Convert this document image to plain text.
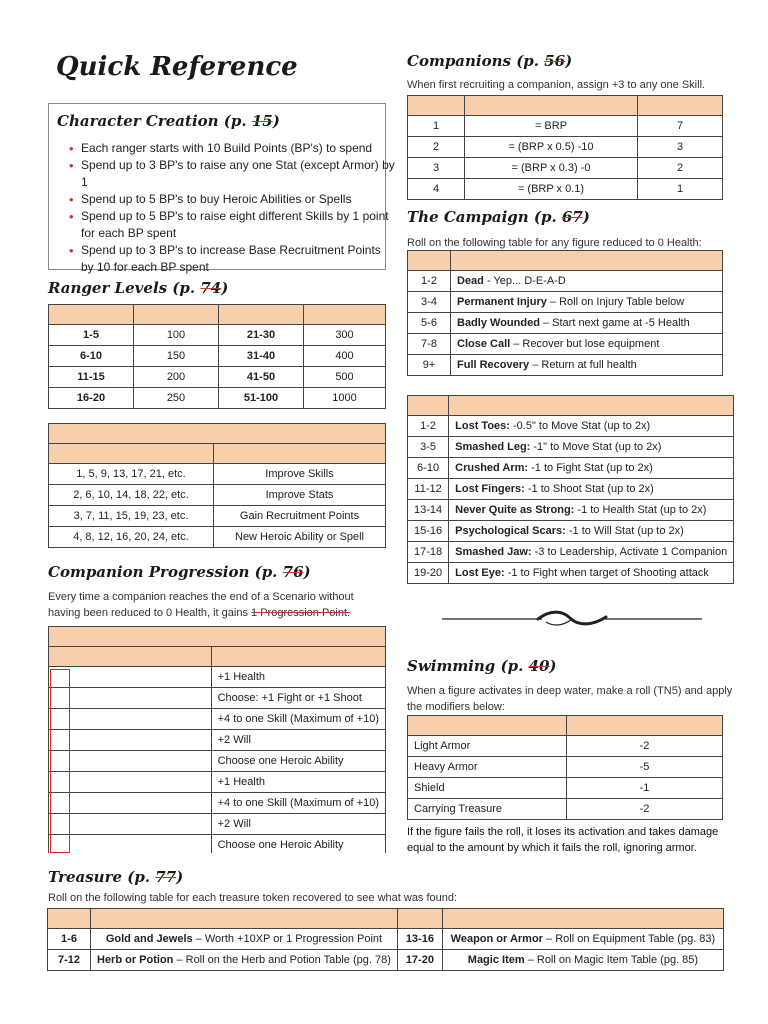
Quick Reference
Character Creation (p. 15)
• Each ranger starts with 10 Build Points (BP's) to spend
• Spend up to 3 BP's to raise any one Stat (except Armor) by 1
• Spend up to 5 BP's to buy Heroic Abilities or Spells
• Spend up to 5 BP's to raise eight different Skills by 1 point for each BP spent
• Spend up to 3 BP's to increase Base Recruitment Points by 10 for each BP spent
Ranger Levels (p. 74)

1-5	100	21-30	300
6-10	150	31-40	400
11-15	200	41-50	500
16-20	250	51-100	1000

1, 5, 9, 13, 17, 21, etc.	Improve Skills
2, 6, 10, 14, 18, 22, etc.	Improve Stats
3, 7, 11, 15, 19, 23, etc.	Gain Recruitment Points
4, 8, 12, 16, 20, 24, etc.	New Heroic Ability or Spell
Companion Progression (p. 76)
Every time a companion reaches the end of a Scenario without having been reduced to 0 Health, it gains 1 Progression Point.

	+1 Health
	Choose: +1 Fight or +1 Shoot
	+4 to one Skill (Maximum of +10)
	+2 Will
	Choose one Heroic Ability
	+1 Health
	+4 to one Skill (Maximum of +10)
	+2 Will
	Choose one Heroic Ability
Treasure (p. 77)
Roll on the following table for each treasure token recovered to see what was found:

1-6	Gold and Jewels – Worth +10XP or 1 Progression Point	13-16	Weapon or Armor – Roll on Equipment Table (pg. 83)
7-12	Herb or Potion – Roll on the Herb and Potion Table (pg. 78)	17-20	Magic Item – Roll on Magic Item Table (pg. 85)
Companions (p. 56)
When first recruiting a companion, assign +3 to any one Skill.

1	= BRP	7
2	= (BRP x 0.5) -10	3
3	= (BRP x 0.3) -0	2
4	= (BRP x 0.1)	1
The Campaign (p. 67)
Roll on the following table for any figure reduced to 0 Health:

1-2	Dead - Yep... D-E-A-D
3-4	Permanent Injury – Roll on Injury Table below
5-6	Badly Wounded – Start next game at -5 Health
7-8	Close Call – Recover but lose equipment
9+	Full Recovery – Return at full health

1-2	Lost Toes: -0.5" to Move Stat (up to 2x)
3-5	Smashed Leg: -1" to Move Stat (up to 2x)
6-10	Crushed Arm: -1 to Fight Stat (up to 2x)
11-12	Lost Fingers: -1 to Shoot Stat (up to 2x)
13-14	Never Quite as Strong: -1 to Health Stat (up to 2x)
15-16	Psychological Scars: -1 to Will Stat (up to 2x)
17-18	Smashed Jaw: -3 to Leadership, Activate 1 Companion
19-20	Lost Eye: -1 to Fight when target of Shooting attack
Swimming (p. 40)
When a figure activates in deep water, make a roll (TN5) and apply the modifiers below:

Light Armor	-2
Heavy Armor	-5
Shield	-1
Carrying Treasure	-2
If the figure fails the roll, it loses its activation and takes damage equal to the amount by which it fails the roll, ignoring armor.
